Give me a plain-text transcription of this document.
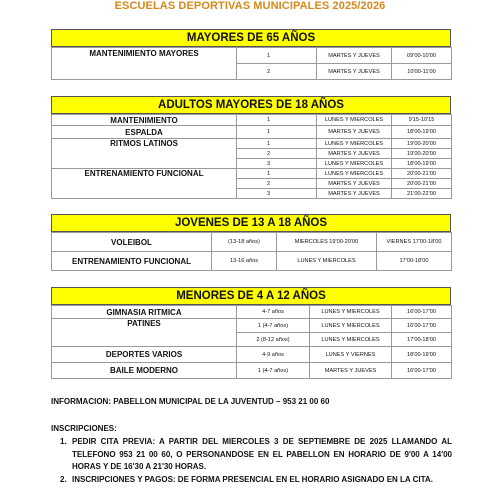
ESCUELAS DEPORTIVAS MUNICIPALES 2025/2026
MAYORES DE 65 AÑOS
MANTENIMIENTO MAYORES	1	MARTES Y JUEVES	09'00-10'00
	2	MARTES Y JUEVES	10'00-11'00
ADULTOS MAYORES DE 18 AÑOS
MANTENIMIENTO	1	LUNES Y MIERCOLES	9'15-10'15
ESPALDA	1	MARTES Y JUEVES	18'00-19'00
RITMOS LATINOS	1	LUNES Y MIERCOLES	19'00-20'00
	2	MARTES Y JUEVES	19'00-20'00
	3	LUNES Y MIERCOLES	18'00-19'00
ENTRENAMIENTO FUNCIONAL	1	LUNES Y MIERCOLES	20'00-21'00
	2	MARTES Y JUEVES	20'00-21'00
	3	MARTES Y JUEVES	21'00-22'00
JOVENES DE 13 A 18 AÑOS
VOLEIBOL	(13-18 años)	MIERCOLES 19'00-20'00	VIERNES 17'00-18'00
ENTRENAMIENTO FUNCIONAL	13-16 años	LUNES Y MIERCOLES	17'00-18'00
MENORES DE 4 A 12 AÑOS
GIMNASIA RITMICA	4-7 años	LUNES Y MIERCOLES	16'00-17'00
PATINES	1 (4-7 años)	LUNES Y MIERCOLES	16'00-17'00
	2 (8-12 años)	LUNES Y MIERCOLES	17'00-18'00
DEPORTES VARIOS	4-9 años	LUNES Y VIERNES	18'00-19'00
BAILE MODERNO	1 (4-7 años)	MARTES Y JUEVES	16'00-17'00
INFORMACION: PABELLON MUNICIPAL DE LA JUVENTUD – 953 21 00 60
INSCRIPCIONES:
1. PEDIR CITA PREVIA: A PARTIR DEL MIERCOLES 3 DE SEPTIEMBRE DE 2025 LLAMANDO AL TELEFONO 953 21 00 60, O PERSONANDOSE EN EL PABELLON EN HORARIO DE 9'00 A 14'00 HORAS Y DE 16'30 A 21'30 HORAS.
2. INSCRIPCIONES Y PAGOS: DE FORMA PRESENCIAL EN EL HORARIO ASIGNADO EN LA CITA.
